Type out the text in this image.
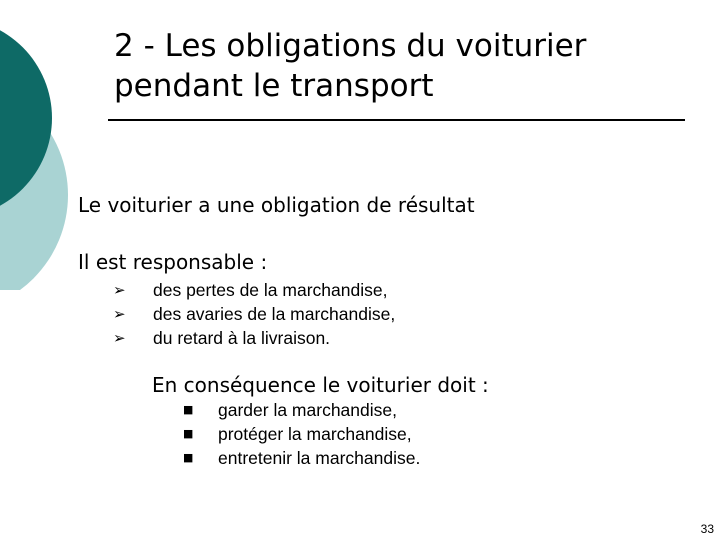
2 - Les obligations du voiturier
pendant le transport

Le voiturier a une obligation de résultat

Il est responsable :

➢ des pertes de la marchandise,
➢ des avaries de la marchandise,
➢ du retard à la livraison.

En conséquence le voiturier doit :

■ garder la marchandise,
■ protéger la marchandise,
■ entretenir la marchandise.
33
